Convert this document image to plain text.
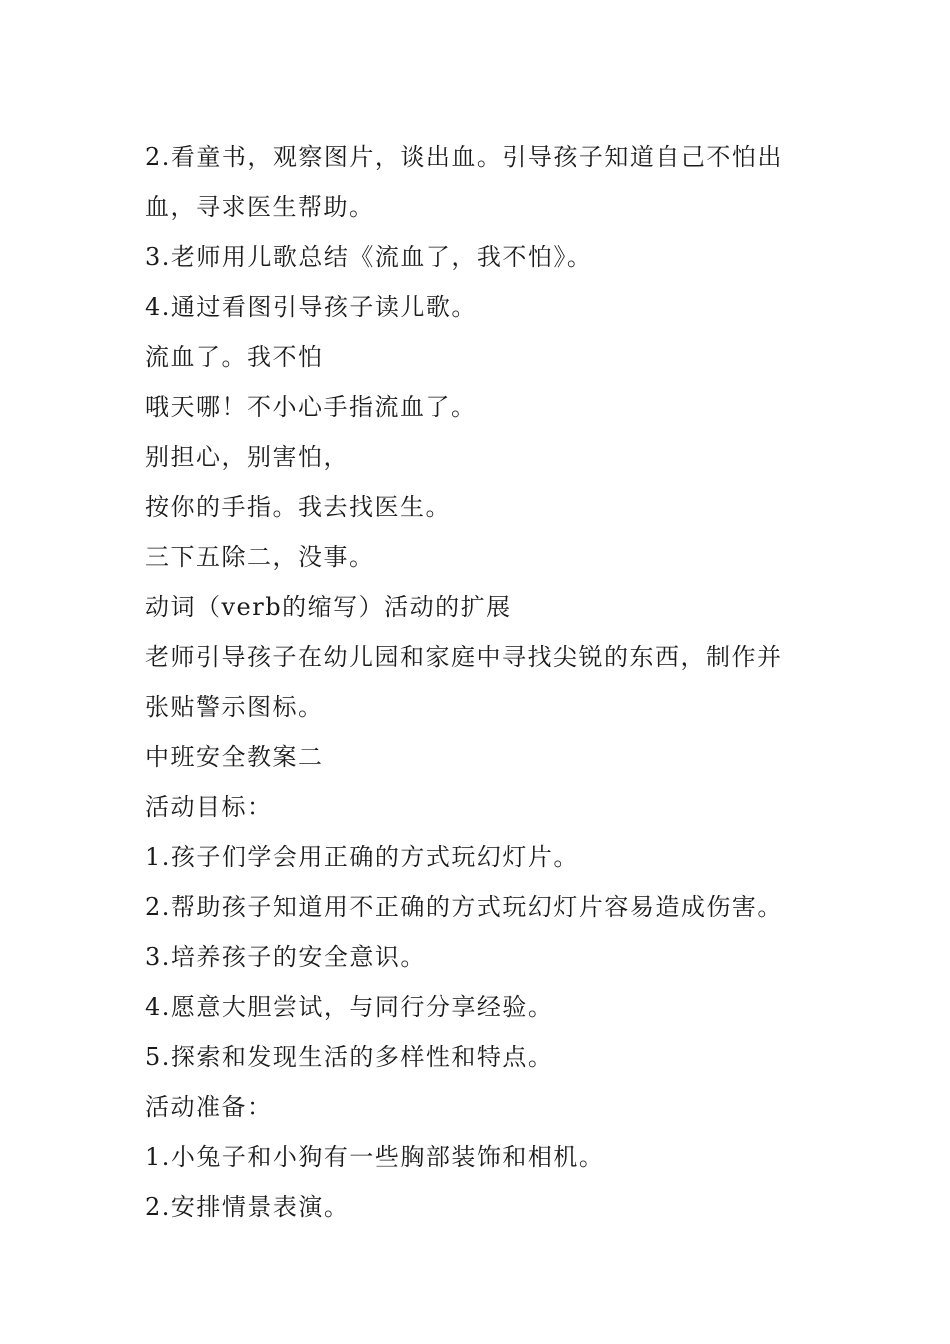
2.看童书，观察图片，谈出血。引导孩子知道自己不怕出
血，寻求医生帮助。
3.老师用儿歌总结《流血了，我不怕》。
4.通过看图引导孩子读儿歌。
流血了。我不怕
哦天哪！不小心手指流血了。
别担心，别害怕，
按你的手指。我去找医生。
三下五除二，没事。
动词（verb的缩写）活动的扩展
老师引导孩子在幼儿园和家庭中寻找尖锐的东西，制作并
张贴警示图标。
中班安全教案二
活动目标：
1.孩子们学会用正确的方式玩幻灯片。
2.帮助孩子知道用不正确的方式玩幻灯片容易造成伤害。
3.培养孩子的安全意识。
4.愿意大胆尝试，与同行分享经验。
5.探索和发现生活的多样性和特点。
活动准备：
1.小兔子和小狗有一些胸部装饰和相机。
2.安排情景表演。
